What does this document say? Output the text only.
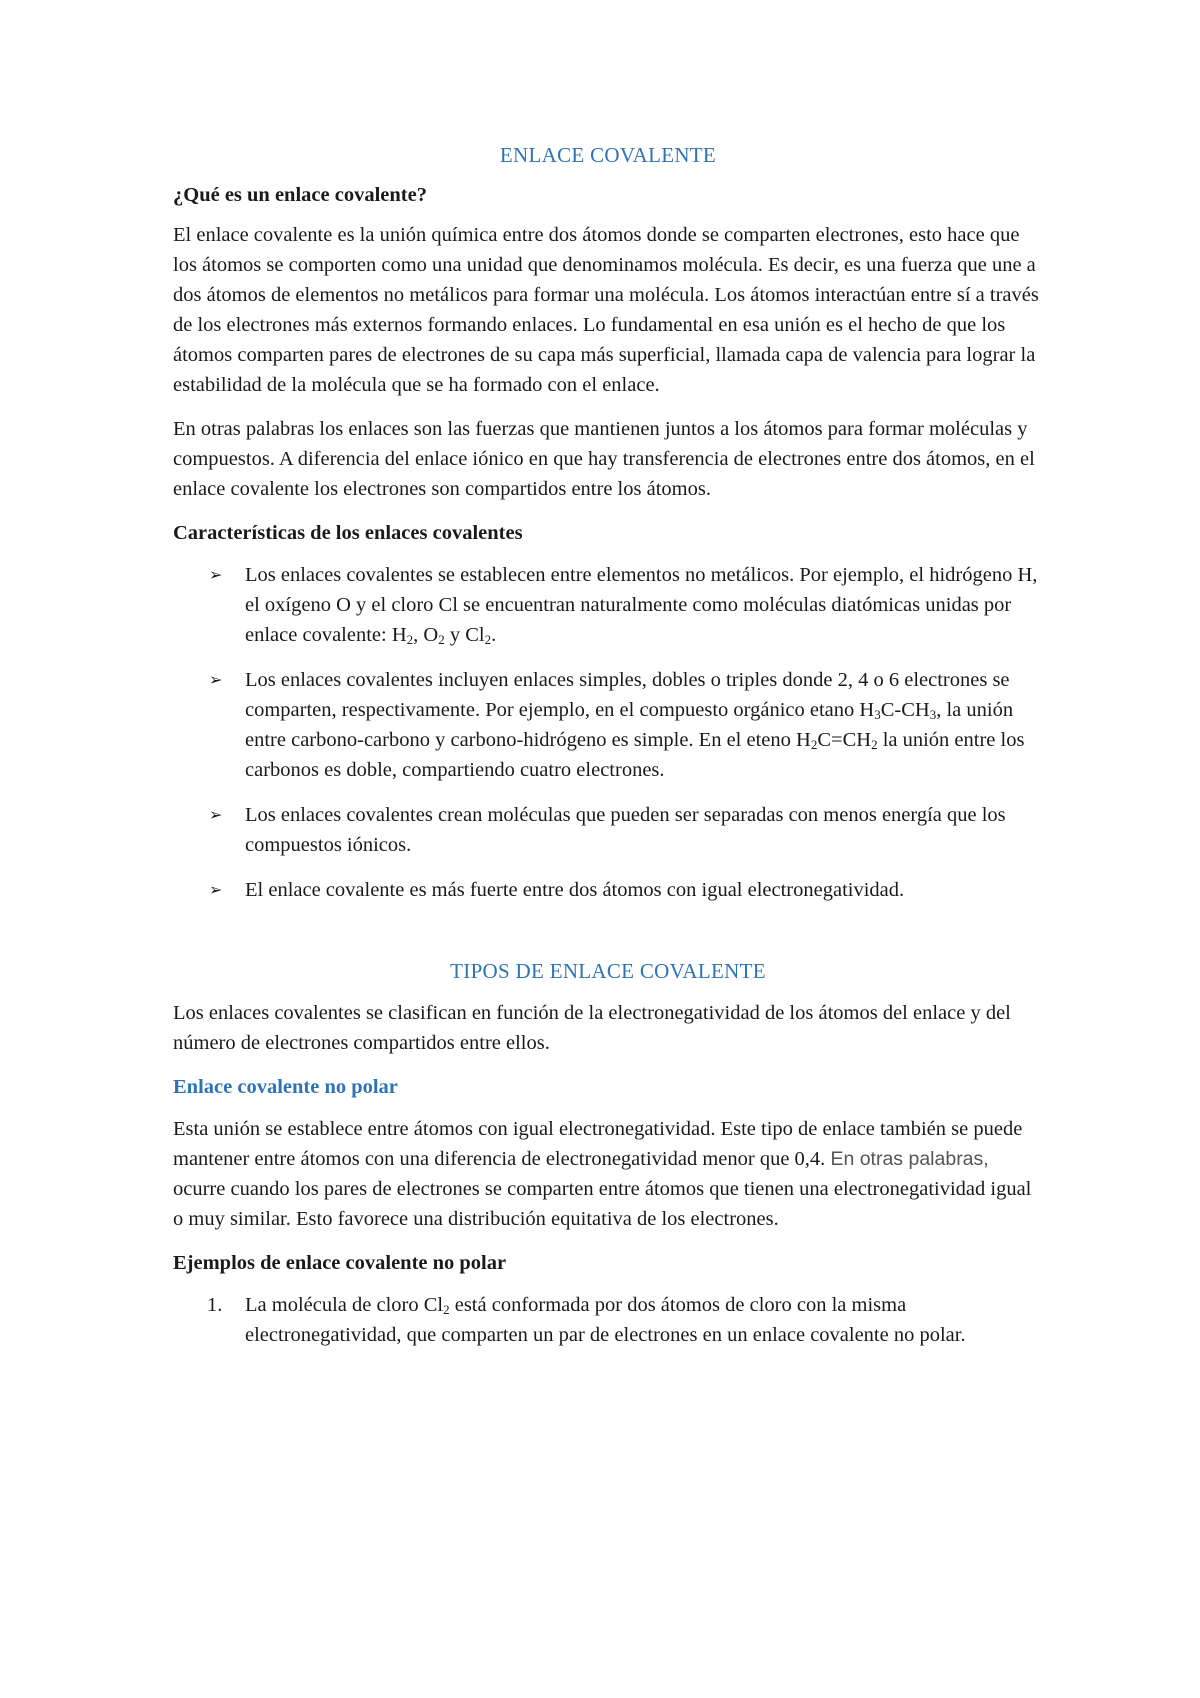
ENLACE COVALENTE
¿Qué es un enlace covalente?

El enlace covalente es la unión química entre dos átomos donde se comparten electrones, esto hace que los átomos se comporten como una unidad que denominamos molécula. Es decir, es una fuerza que une a dos átomos de elementos no metálicos para formar una molécula. Los átomos interactúan entre sí a través de los electrones más externos formando enlaces. Lo fundamental en esa unión es el hecho de que los átomos comparten pares de electrones de su capa más superficial, llamada capa de valencia para lograr la estabilidad de la molécula que se ha formado con el enlace.

En otras palabras los enlaces son las fuerzas que mantienen juntos a los átomos para formar moléculas y compuestos. A diferencia del enlace iónico en que hay transferencia de electrones entre dos átomos, en el enlace covalente los electrones son compartidos entre los átomos.

Características de los enlaces covalentes
➢ Los enlaces covalentes se establecen entre elementos no metálicos. Por ejemplo, el hidrógeno H, el oxígeno O y el cloro Cl se encuentran naturalmente como moléculas diatómicas unidas por enlace covalente: $H_2$, $O_2$ y $Cl_2$.
➢ Los enlaces covalentes incluyen enlaces simples, dobles o triples donde 2, 4 o 6 electrones se comparten, respectivamente. Por ejemplo, en el compuesto orgánico etano $H_3C-CH_3$, la unión entre carbono-carbono y carbono-hidrógeno es simple. En el eteno $H_2C=CH_2$ la unión entre los carbonos es doble, compartiendo cuatro electrones.
➢ Los enlaces covalentes crean moléculas que pueden ser separadas con menos energía que los compuestos iónicos.
➢ El enlace covalente es más fuerte entre dos átomos con igual electronegatividad.
TIPOS DE ENLACE COVALENTE

Los enlaces covalentes se clasifican en función de la electronegatividad de los átomos del enlace y del número de electrones compartidos entre ellos.

Enlace covalente no polar

Esta unión se establece entre átomos con igual electronegatividad. Este tipo de enlace también se puede mantener entre átomos con una diferencia de electronegatividad menor que 0,4. En otras palabras, ocurre cuando los pares de electrones se comparten entre átomos que tienen una electronegatividad igual o muy similar. Esto favorece una distribución equitativa de los electrones.

Ejemplos de enlace covalente no polar
1. La molécula de cloro $Cl_2$ está conformada por dos átomos de cloro con la misma electronegatividad, que comparten un par de electrones en un enlace covalente no polar.
